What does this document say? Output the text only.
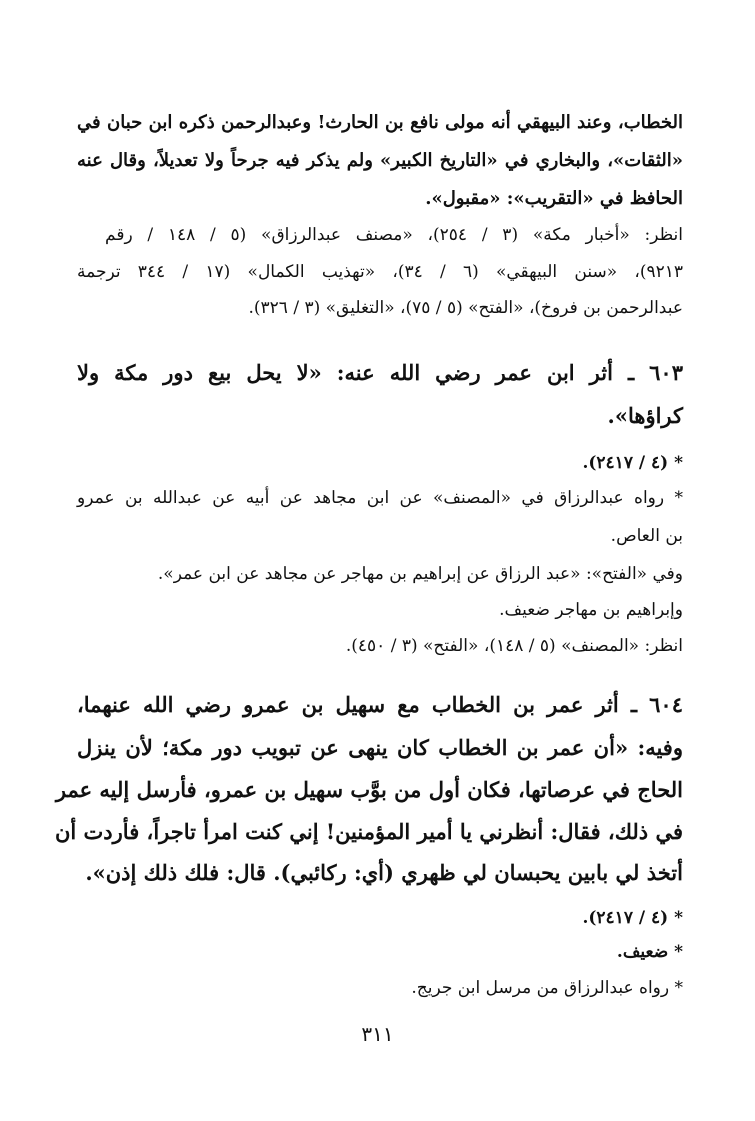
الخطاب، وعند البيهقي أنه مولى نافع بن الحارث! وعبدالرحمن ذكره ابن حبان في
«الثقات»، والبخاري في «التاريخ الكبير» ولم يذكر فيه جرحاً ولا تعديلاً، وقال عنه
الحافظ في «التقريب»: «مقبول».
انظر: «أخبار مكة» (٣ / ٢٥٤)، «مصنف عبدالرزاق» (٥ / ١٤٨ / رقم
٩٢١٣)، «سنن البيهقي» (٦ / ٣٤)، «تهذيب الكمال» (١٧ / ٣٤٤ ترجمة
عبدالرحمن بن فروخ)، «الفتح» (٥ / ٧٥)، «التغليق» (٣ / ٣٢٦).
٦٠٣ ـ أثر ابن عمر رضي الله عنه: «لا يحل بيع دور مكة ولا
كراؤها».
* (٤ / ٢٤١٧).
* رواه عبدالرزاق في «المصنف» عن ابن مجاهد عن أبيه عن عبدالله بن عمرو
بن العاص.
وفي «الفتح»: «عبد الرزاق عن إبراهيم بن مهاجر عن مجاهد عن ابن عمر».
وإبراهيم بن مهاجر ضعيف.
انظر: «المصنف» (٥ / ١٤٨)، «الفتح» (٣ / ٤٥٠).
٦٠٤ ـ أثر عمر بن الخطاب مع سهيل بن عمرو رضي الله عنهما،
وفيه: «أن عمر بن الخطاب كان ينهى عن تبويب دور مكة؛ لأن ينزل
الحاج في عرصاتها، فكان أول من بوَّب سهيل بن عمرو، فأرسل إليه عمر
في ذلك، فقال: أنظرني يا أمير المؤمنين! إني كنت امرأ تاجراً، فأردت أن
أتخذ لي بابين يحبسان لي ظهري (أي: ركائبي). قال: فلك ذلك إذن».
* (٤ / ٢٤١٧).
* ضعيف.
* رواه عبدالرزاق من مرسل ابن جريج.
٣١١
